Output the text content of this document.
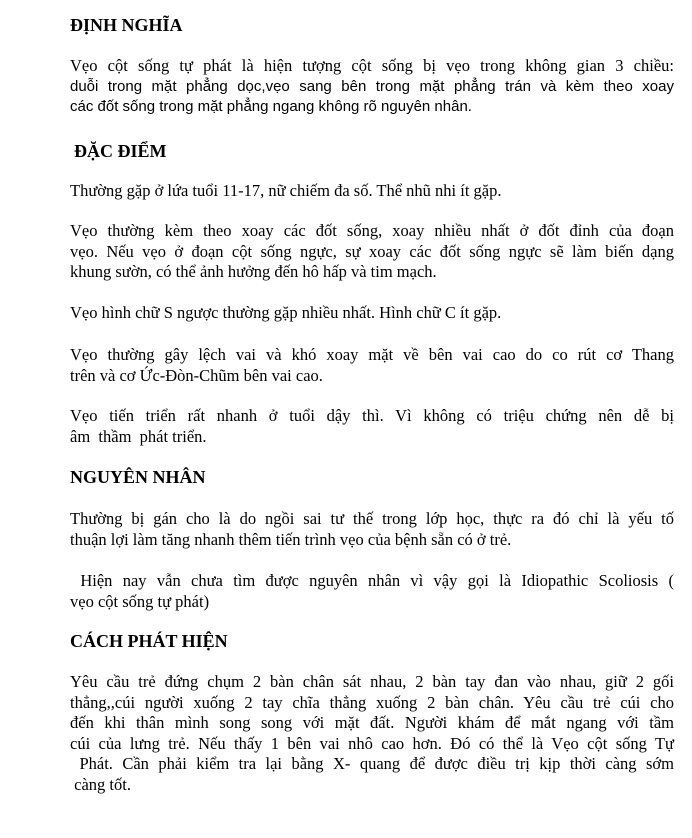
ĐỊNH NGHĨA

Vẹo cột sống tự phát là hiện tượng cột sống bị vẹo trong không gian 3 chiều:
duỗi trong mặt phẳng dọc,vẹo sang bên trong mặt phẳng trán và kèm theo xoay
các đốt sống trong mặt phẳng ngang không rõ nguyên nhân.

ĐẶC ĐIỂM

Thường gặp ở lứa tuổi 11-17, nữ chiếm đa số. Thể nhũ nhi ít gặp.

Vẹo thường kèm theo xoay các đốt sống, xoay nhiều nhất ở đốt đỉnh của đoạn
vẹo. Nếu vẹo ở đoạn cột sống ngực, sự xoay các đốt sống ngực sẽ làm biến dạng
khung sườn, có thể ảnh hưởng đến hô hấp và tim mạch.

Vẹo hình chữ S ngược thường gặp nhiều nhất. Hình chữ C ít gặp.

Vẹo thường gây lệch vai và khó xoay mặt về bên vai cao do co rút cơ Thang
trên và cơ Ức-Đòn-Chũm bên vai cao.

Vẹo tiến triển rất nhanh ở tuổi dậy thì. Vì không có triệu chứng nên dễ bị
âm  thầm  phát triển.

NGUYÊN NHÂN

Thường bị gán cho là do ngồi sai tư thế trong lớp học, thực ra đó chỉ là yếu tố
thuận lợi làm tăng nhanh thêm tiến trình vẹo của bệnh sẵn có ở trẻ.

Hiện nay vẫn chưa tìm được nguyên nhân vì vậy gọi là Idiopathic Scoliosis (
vẹo cột sống tự phát)

CÁCH PHÁT HIỆN

Yêu cầu trẻ đứng chụm 2 bàn chân sát nhau, 2 bàn tay đan vào nhau, giữ 2 gối
thẳng,,cúi người xuống 2 tay chĩa thẳng xuống 2 bàn chân. Yêu cầu trẻ cúi cho
đến khi thân mình song song với mặt đất. Người khám để mắt ngang với tầm
cúi của lưng trẻ. Nếu thấy 1 bên vai nhô cao hơn. Đó có thể là Vẹo cột sống Tự
Phát. Cần phải kiểm tra lại bằng X- quang để được điều trị kịp thời càng sớm
càng tốt.
